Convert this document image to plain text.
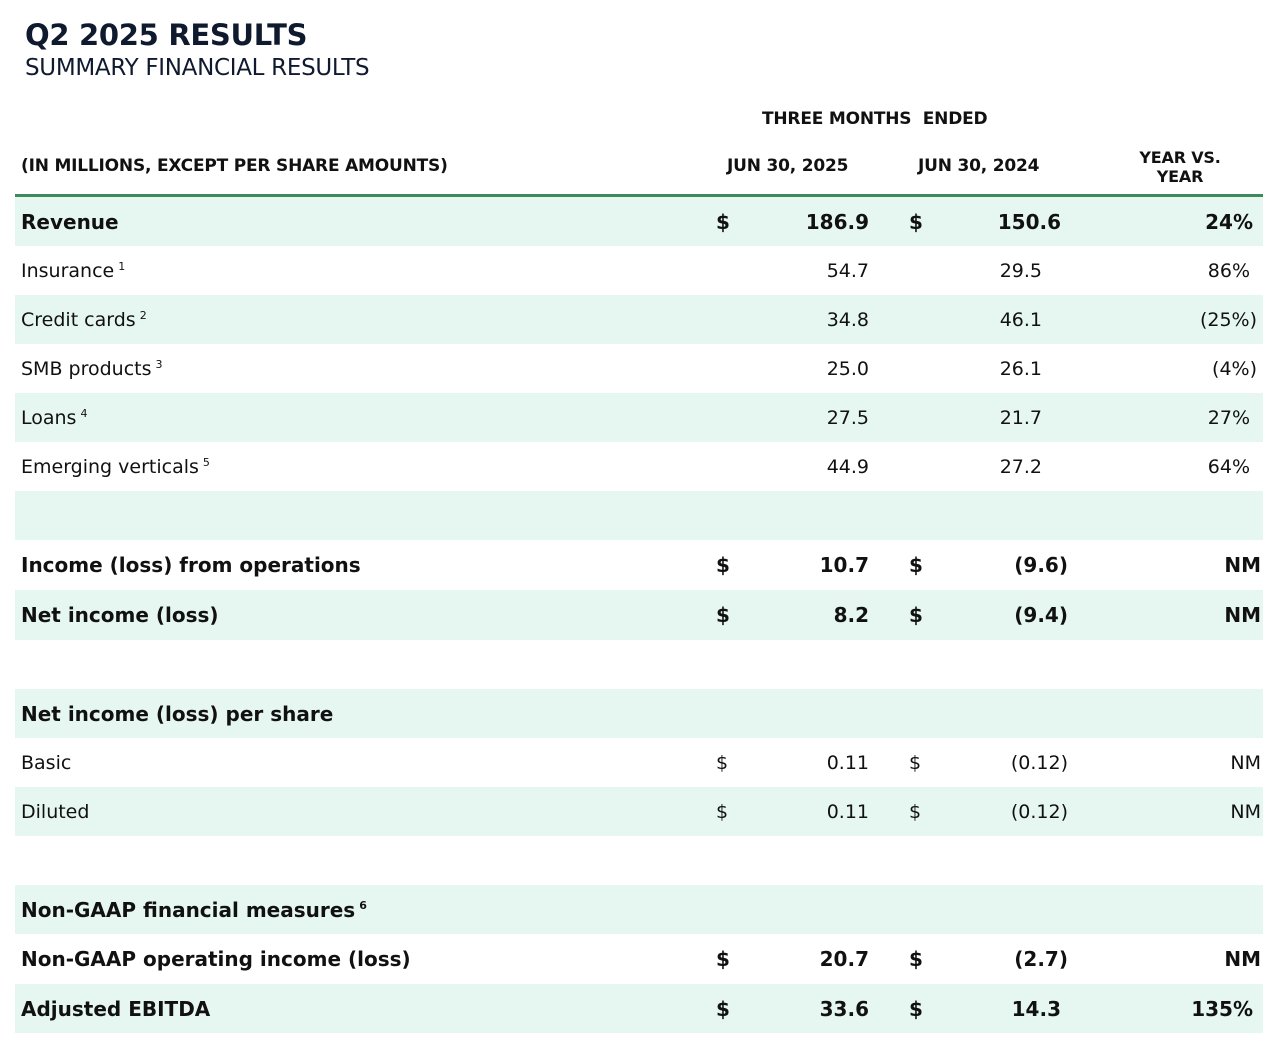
Q2 2025 RESULTS
SUMMARY FINANCIAL RESULTS
THREE MONTHS  ENDED
(IN MILLIONS, EXCEPT PER SHARE AMOUNTS)	JUN 30, 2025	JUN 30, 2024	YEAR VS.
YEAR
Revenue	$	186.9 $	150.6	24%
Insurance $^1$	54.7	29.5	86%
Credit cards $^2$	34.8	46.1	(25%)
SMB products $^3$	25.0	26.1	(4%)
Loans $^4$	27.5	21.7	27%
Emerging verticals $^5$	44.9	27.2	64%
Income (loss) from operations	$	10.7 $	(9.6)	NM
Net income (loss)	$	8.2 $	(9.4)	NM
Net income (loss) per share
Basic	$	0.11 $	(0.12)	NM
Diluted	$	0.11 $	(0.12)	NM
Non-GAAP financial measures $^6$
Non-GAAP operating income (loss)	$	20.7 $	(2.7)	NM
Adjusted EBITDA	$	33.6 $	14.3	135%
